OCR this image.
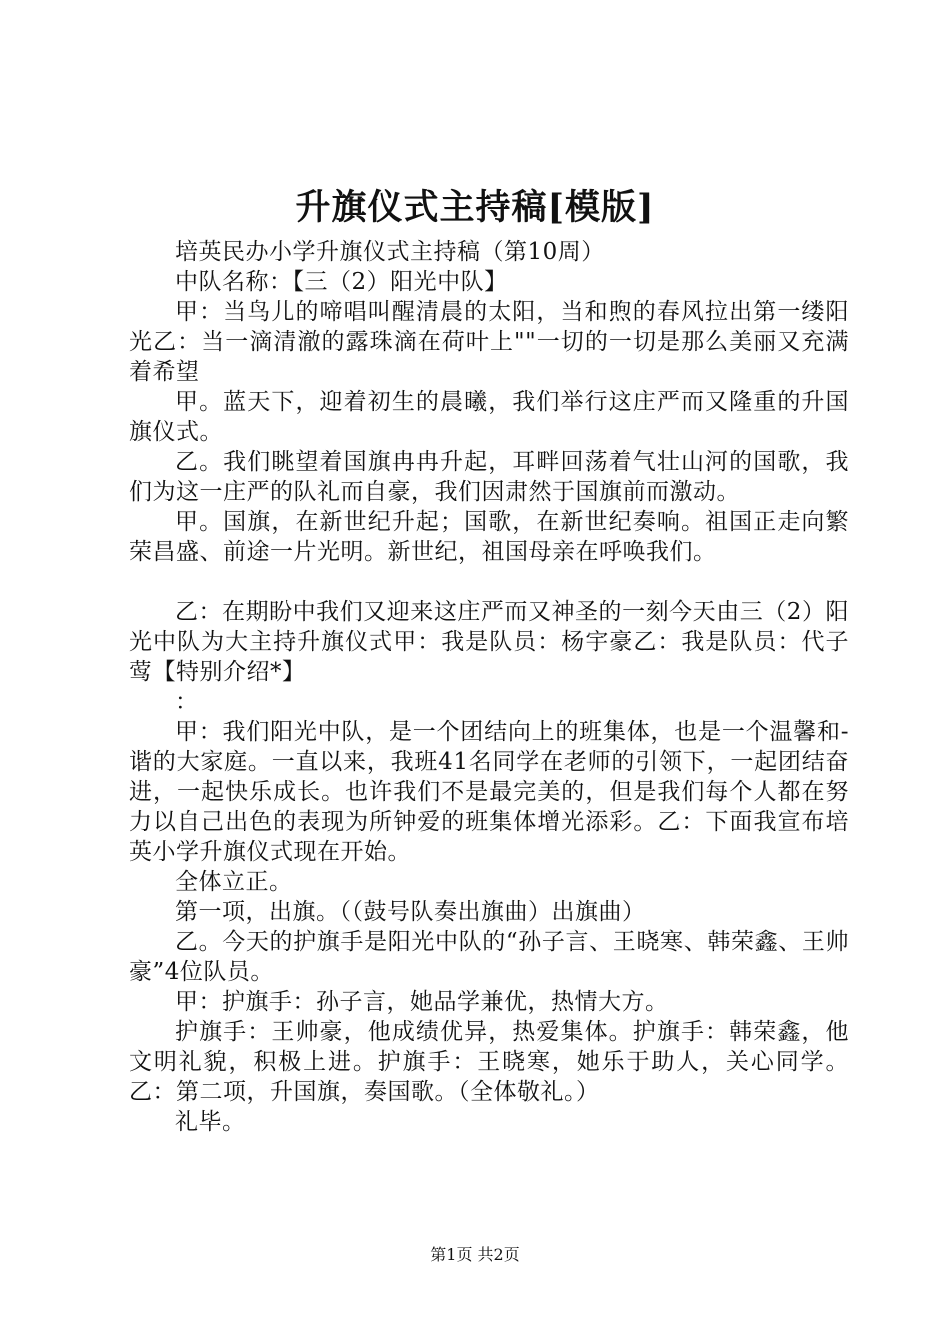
升旗仪式主持稿[模版]

培英民办小学升旗仪式主持稿（第10周）

中队名称：【三（2）阳光中队】

甲：当鸟儿的啼唱叫醒清晨的太阳，当和煦的春风拉出第一缕阳光乙：当一滴清澈的露珠滴在荷叶上""一切的一切是那么美丽又充满着希望

甲。蓝天下，迎着初生的晨曦，我们举行这庄严而又隆重的升国旗仪式。

乙。我们眺望着国旗冉冉升起，耳畔回荡着气壮山河的国歌，我们为这一庄严的队礼而自豪，我们因肃然于国旗前而激动。

甲。国旗，在新世纪升起；国歌，在新世纪奏响。祖国正走向繁荣昌盛、前途一片光明。新世纪，祖国母亲在呼唤我们。

乙：在期盼中我们又迎来这庄严而又神圣的一刻今天由三（2）阳光中队为大主持升旗仪式甲：我是队员：杨宇豪乙：我是队员：代子莺【特别介绍*】

：

甲：我们阳光中队，是一个团结向上的班集体，也是一个温馨和-谐的大家庭。一直以来，我班41名同学在老师的引领下，一起团结奋进，一起快乐成长。也许我们不是最完美的，但是我们每个人都在努力以自己出色的表现为所钟爱的班集体增光添彩。乙：下面我宣布培英小学升旗仪式现在开始。

全体立正。

第一项，出旗。（（鼓号队奏出旗曲）出旗曲）

乙。今天的护旗手是阳光中队的“孙子言、王晓寒、韩荣鑫、王帅豪”4位队员。

甲：护旗手：孙子言，她品学兼优，热情大方。

护旗手：王帅豪，他成绩优异，热爱集体。护旗手：韩荣鑫，他文明礼貌，积极上进。护旗手：王晓寒，她乐于助人，关心同学。乙：第二项，升国旗，奏国歌。（全体敬礼。）

礼毕。

第1页 共2页
